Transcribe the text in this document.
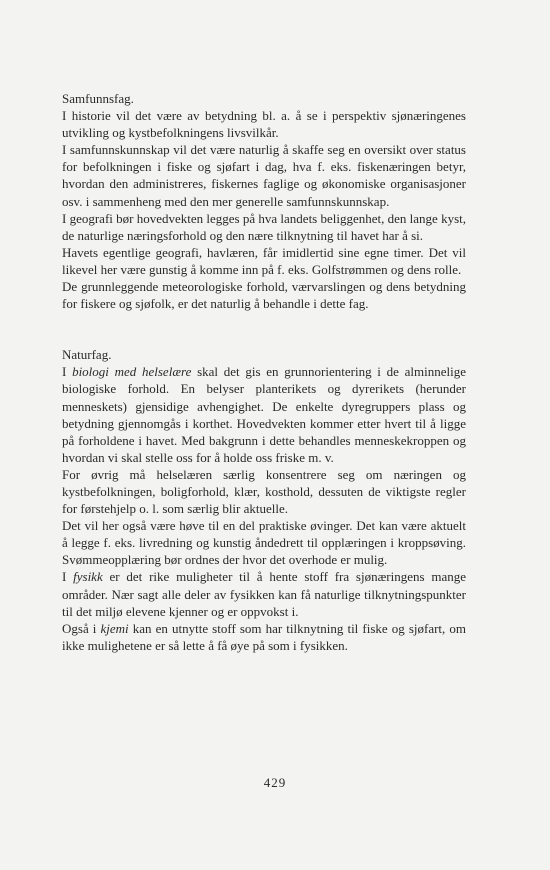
Samfunnsfag.

I historie vil det være av betydning bl. a. å se i perspektiv sjønæringenes utvikling og kystbefolkningens livsvilkår.

I samfunnskunnskap vil det være naturlig å skaffe seg en oversikt over status for befolkningen i fiske og sjøfart i dag, hva f. eks. fiskenæringen betyr, hvordan den administreres, fiskernes faglige og økonomiske organisasjoner osv. i sammenheng med den mer generelle samfunnskunnskap.

I geografi bør hovedvekten legges på hva landets beliggenhet, den lange kyst, de naturlige næringsforhold og den nære tilknytning til havet har å si.

Havets egentlige geografi, havlæren, får imidlertid sine egne timer. Det vil likevel her være gunstig å komme inn på f. eks. Golfstrømmen og dens rolle.

De grunnleggende meteorologiske forhold, værvarslingen og dens betydning for fiskere og sjøfolk, er det naturlig å behandle i dette fag.

Naturfag.

I biologi med helselære skal det gis en grunnorientering i de alminnelige biologiske forhold. En belyser planterikets og dyrerikets (herunder menneskets) gjensidige avhengighet. De enkelte dyregruppers plass og betydning gjennomgås i korthet. Hovedvekten kommer etter hvert til å ligge på forholdene i havet. Med bakgrunn i dette behandles menneskekroppen og hvordan vi skal stelle oss for å holde oss friske m. v.

For øvrig må helselæren særlig konsentrere seg om næringen og kystbefolkningen, boligforhold, klær, kosthold, dessuten de viktigste regler for førstehjelp o. l. som særlig blir aktuelle.

Det vil her også være høve til en del praktiske øvinger. Det kan være aktuelt å legge f. eks. livredning og kunstig åndedrett til opplæringen i kroppsøving. Svømmeopplæring bør ordnes der hvor det overhode er mulig.

I fysikk er det rike muligheter til å hente stoff fra sjønæringens mange områder. Nær sagt alle deler av fysikken kan få naturlige tilknytningspunkter til det miljø elevene kjenner og er oppvokst i.

Også i kjemi kan en utnytte stoff som har tilknytning til fiske og sjøfart, om ikke mulighetene er så lette å få øye på som i fysikken.

429
